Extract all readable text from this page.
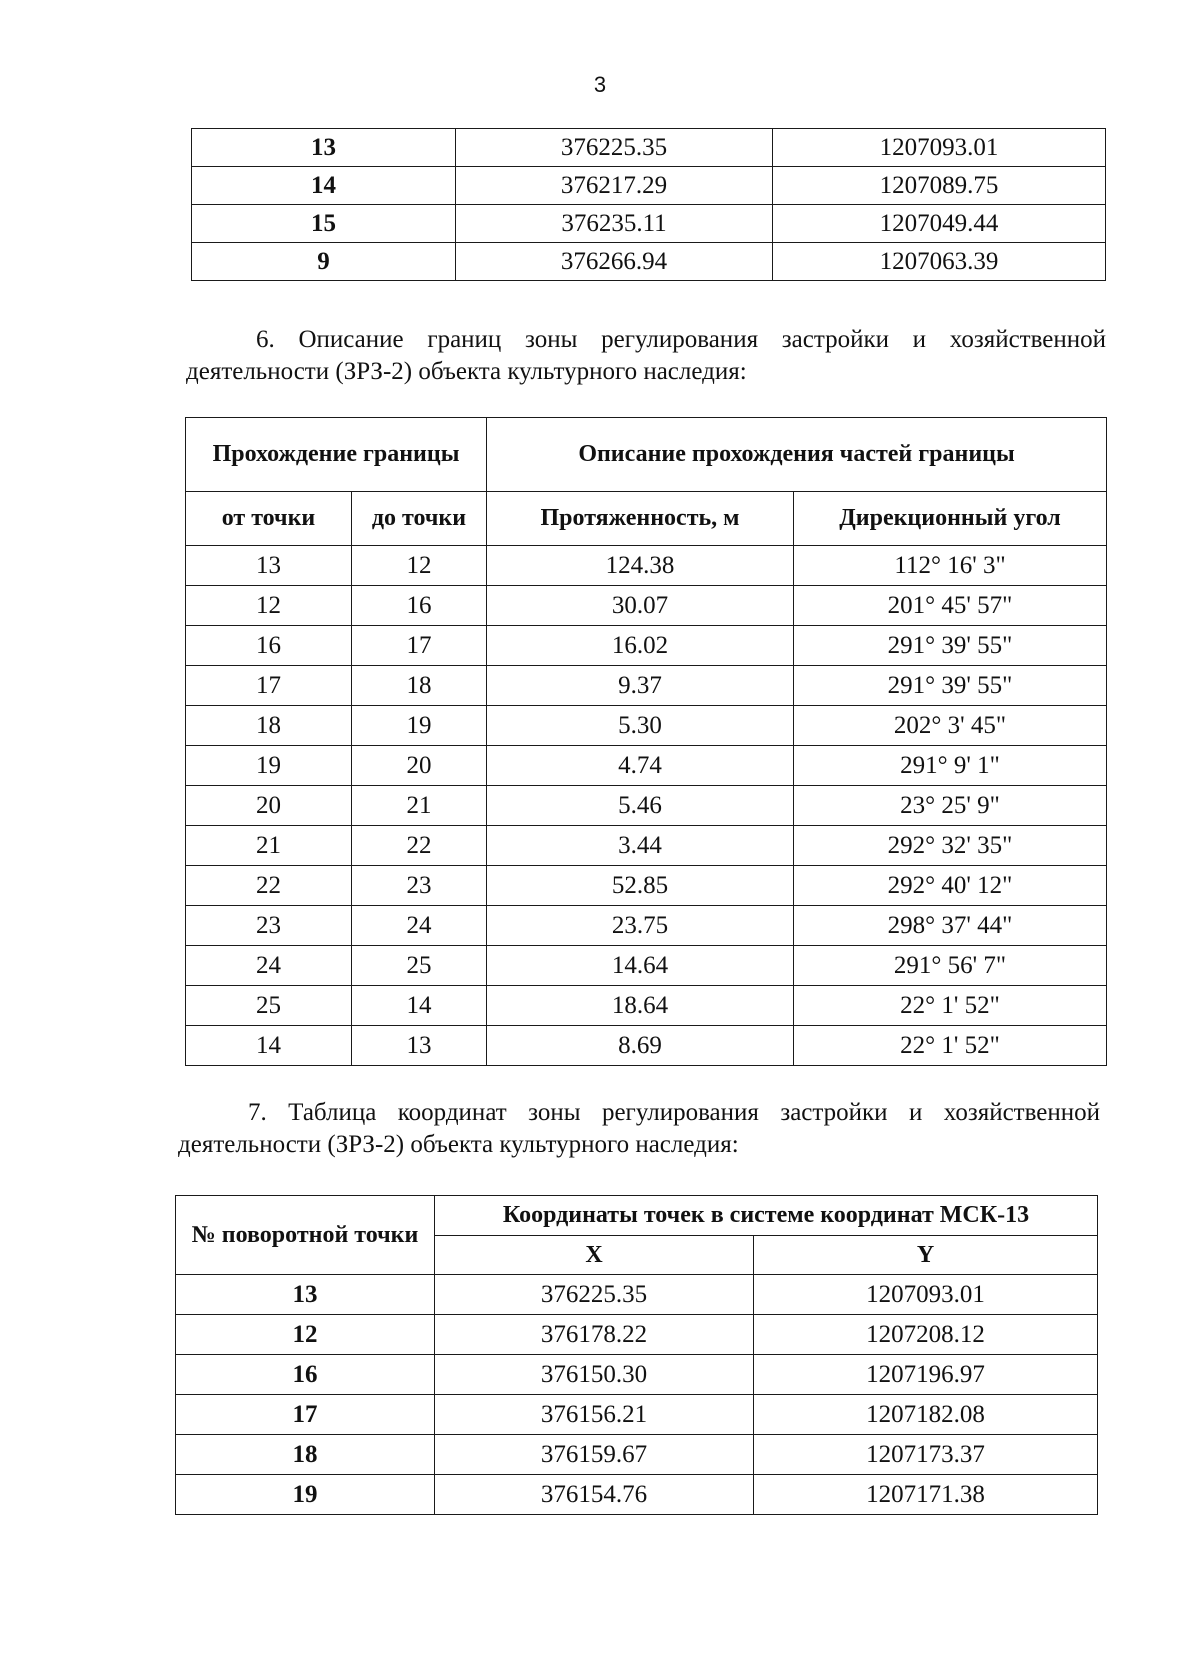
3
13	376225.35	1207093.01
14	376217.29	1207089.75
15	376235.11	1207049.44
9	376266.94	1207063.39
6. Описание границ зоны регулирования застройки и хозяйственной
деятельности (ЗРЗ-2) объекта культурного наследия:
Прохождение границы		Описание прохождения частей границы	
от точки	до точки	Протяженность, м	Дирекционный угол
13	12	124.38	112° 16' 3"
12	16	30.07	201° 45' 57"
16	17	16.02	291° 39' 55"
17	18	9.37	291° 39' 55"
18	19	5.30	202° 3' 45"
19	20	4.74	291° 9' 1"
20	21	5.46	23° 25' 9"
21	22	3.44	292° 32' 35"
22	23	52.85	292° 40' 12"
23	24	23.75	298° 37' 44"
24	25	14.64	291° 56' 7"
25	14	18.64	22° 1' 52"
14	13	8.69	22° 1' 52"
7. Таблица координат зоны регулирования застройки и хозяйственной
деятельности (ЗРЗ-2) объекта культурного наследия:
№ поворотной точки	Координаты точек в системе координат МСК-13	
	X	Y
13	376225.35	1207093.01
12	376178.22	1207208.12
16	376150.30	1207196.97
17	376156.21	1207182.08
18	376159.67	1207173.37
19	376154.76	1207171.38
